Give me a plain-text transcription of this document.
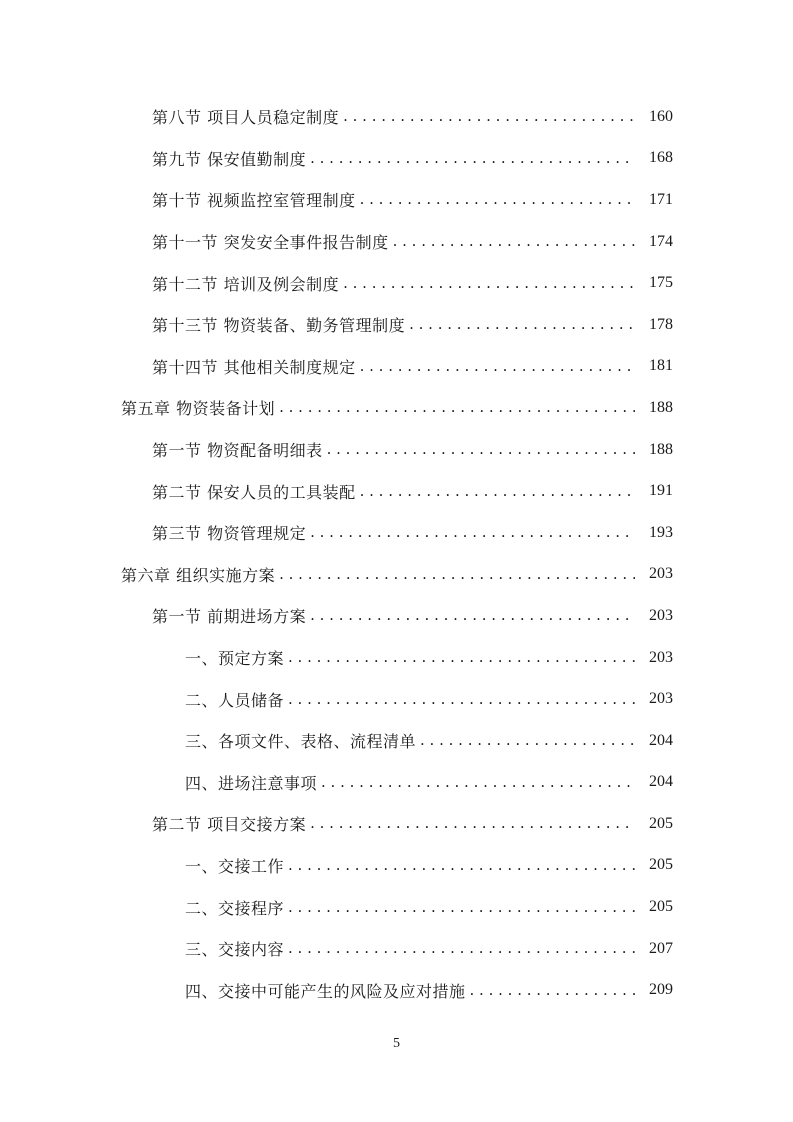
第八节 项目人员稳定制度 . . .	160
第九节 保安值勤制度 . . .	168
第十节 视频监控室管理制度 . . .	171
第十一节 突发安全事件报告制度 . . .	174
第十二节 培训及例会制度 . . .	175
第十三节 物资装备、勤务管理制度 . . .	178
第十四节 其他相关制度规定 . . .	181
第五章 物资装备计划 . . .	188
第一节 物资配备明细表 . . .	188
第二节 保安人员的工具装配 . . .	191
第三节 物资管理规定 . . .	193
第六章 组织实施方案 . . .	203
第一节 前期进场方案 . . .	203
一、预定方案 . . .	203
二、人员储备 . . .	203
三、各项文件、表格、流程清单 . . .	204
四、进场注意事项 . . .	204
第二节 项目交接方案 . . .	205
一、交接工作 . . .	205
二、交接程序 . . .	205
三、交接内容 . . .	207
四、交接中可能产生的风险及应对措施 . . .	209
5
